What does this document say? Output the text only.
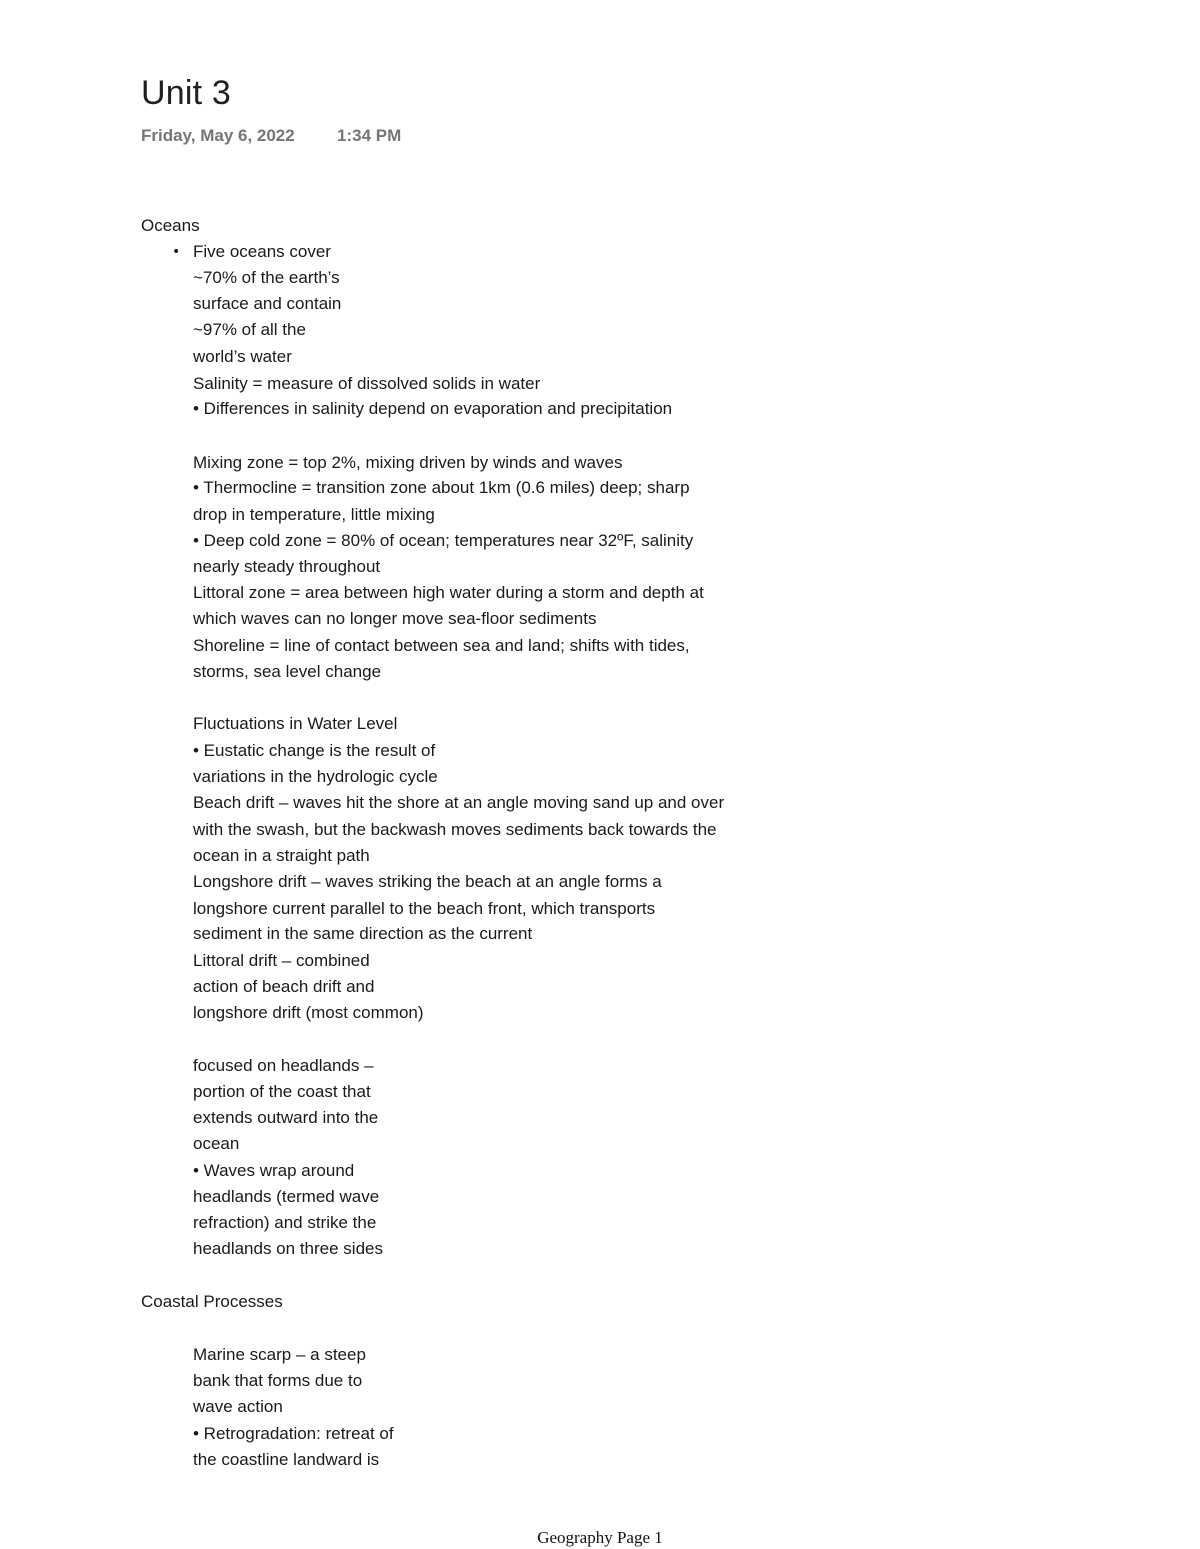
Unit 3
Friday, May 6, 2022 1:34 PM
Oceans
• Five oceans cover
~70% of the earth’s
surface and contain
~97% of all the
world’s water
Salinity = measure of dissolved solids in water
• Differences in salinity depend on evaporation and precipitation
Mixing zone = top 2%, mixing driven by winds and waves
• Thermocline = transition zone about 1km (0.6 miles) deep; sharp
drop in temperature, little mixing
• Deep cold zone = 80% of ocean; temperatures near 32ºF, salinity
nearly steady throughout
Littoral zone = area between high water during a storm and depth at
which waves can no longer move sea-floor sediments
Shoreline = line of contact between sea and land; shifts with tides,
storms, sea level change
Fluctuations in Water Level
• Eustatic change is the result of
variations in the hydrologic cycle
Beach drift – waves hit the shore at an angle moving sand up and over
with the swash, but the backwash moves sediments back towards the
ocean in a straight path
Longshore drift – waves striking the beach at an angle forms a
longshore current parallel to the beach front, which transports
sediment in the same direction as the current
Littoral drift – combined
action of beach drift and
longshore drift (most common)
focused on headlands –
portion of the coast that
extends outward into the
ocean
• Waves wrap around
headlands (termed wave
refraction) and strike the
headlands on three sides
Coastal Processes
Marine scarp – a steep
bank that forms due to
wave action
• Retrogradation: retreat of
the coastline landward is
Geography Page 1
